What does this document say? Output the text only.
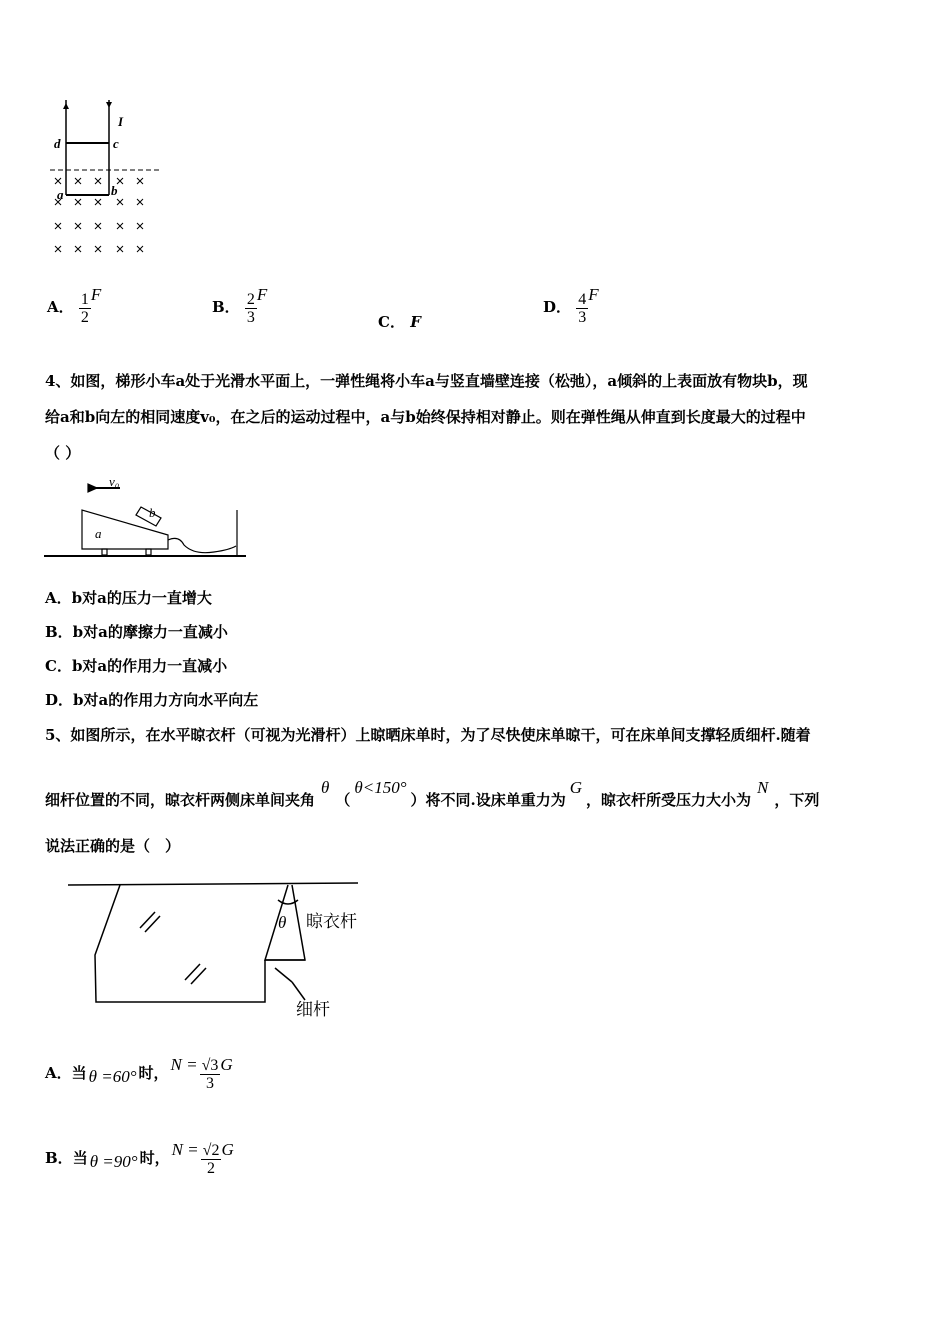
d	c
a	b
I
A． $\frac{1}{2}$ F
B． $\frac{2}{3}$ F
C． F
D． $\frac{4}{3}$ F
4、如图，梯形小车a处于光滑水平面上，一弹性绳将小车a与竖直墙壁连接（松弛），a倾斜的上表面放有物块b，现
给a和b向左的相同速度v₀，在之后的运动过程中，a与b始终保持相对静止。则在弹性绳从伸直到长度最大的过程中
（ ）
v₀
a
b
A．b对a的压力一直增大
B．b对a的摩擦力一直减小
C．b对a的作用力一直减小
D．b对a的作用力方向水平向左
5、如图所示，在水平晾衣杆（可视为光滑杆）上晾晒床单时，为了尽快使床单晾干，可在床单间支撑轻质细杆.随着
细杆位置的不同，晾衣杆两侧床单间夹角θ（θ<150°）将不同.设床单重力为G，晾衣杆所受压力大小为N，下列
说法正确的是（　）
θ 晾衣杆
细杆
A．当 θ =60° 时， $N = \frac{√3}{3}$ G
B．当 θ =90° 时， $N = \frac{√2}{2}$ G
